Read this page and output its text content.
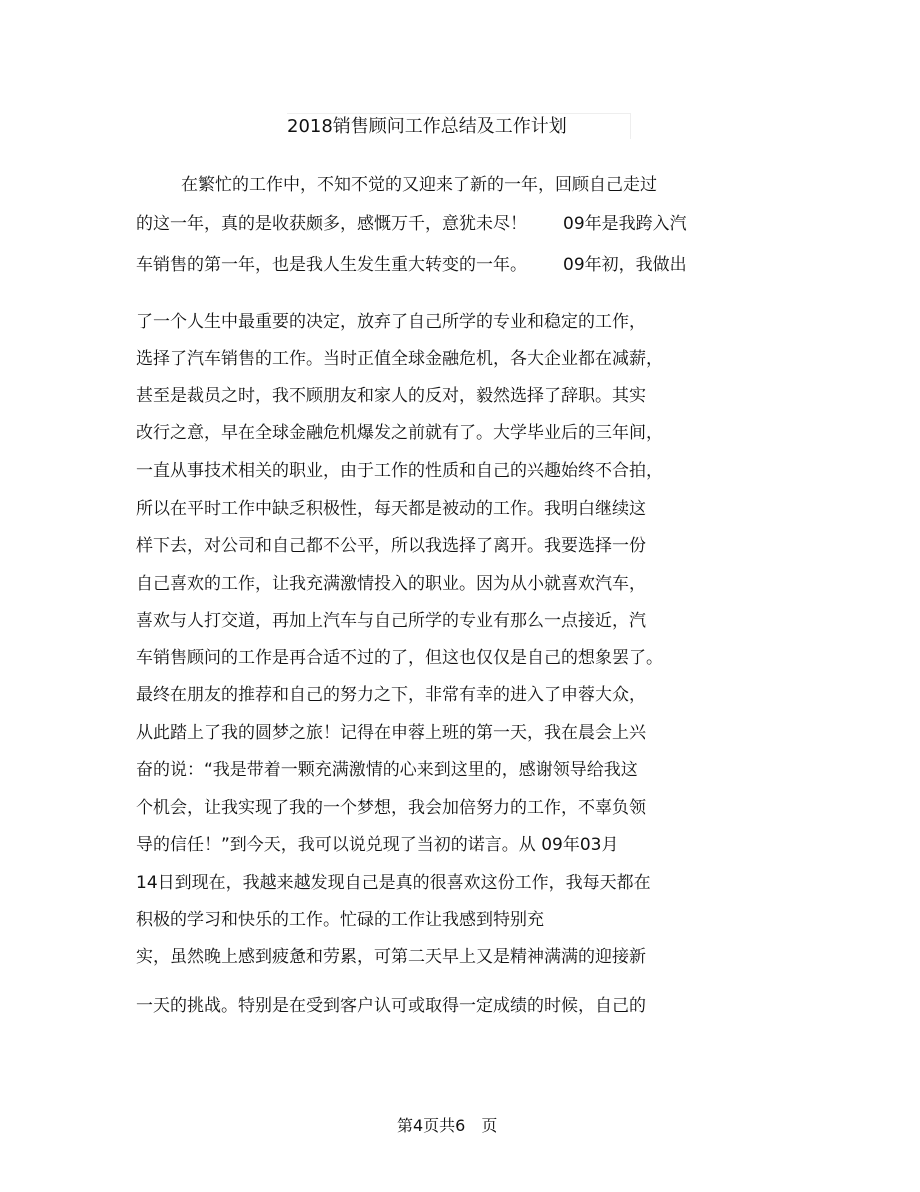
2018销售顾问工作总结及工作计划
在繁忙的工作中，不知不觉的又迎来了新的一年，回顾自己走过
的这一年，真的是收获颇多，感慨万千，意犹未尽！ 09年是我跨入汽
车销售的第一年，也是我人生发生重大转变的一年。 09年初，我做出
了一个人生中最重要的决定，放弃了自己所学的专业和稳定的工作，
选择了汽车销售的工作。当时正值全球金融危机，各大企业都在减薪，
甚至是裁员之时，我不顾朋友和家人的反对，毅然选择了辞职。其实
改行之意，早在全球金融危机爆发之前就有了。大学毕业后的三年间，
一直从事技术相关的职业，由于工作的性质和自己的兴趣始终不合拍，
所以在平时工作中缺乏积极性，每天都是被动的工作。我明白继续这
样下去，对公司和自己都不公平，所以我选择了离开。我要选择一份
自己喜欢的工作，让我充满激情投入的职业。因为从小就喜欢汽车，
喜欢与人打交道，再加上汽车与自己所学的专业有那么一点接近，汽
车销售顾问的工作是再合适不过的了，但这也仅仅是自己的想象罢了。
最终在朋友的推荐和自己的努力之下，非常有幸的进入了申蓉大众，
从此踏上了我的圆梦之旅！记得在申蓉上班的第一天，我在晨会上兴
奋的说：“我是带着一颗充满激情的心来到这里的，感谢领导给我这
个机会，让我实现了我的一个梦想，我会加倍努力的工作，不辜负领
导的信任！”到今天，我可以说兑现了当初的诺言。从 09年03月
14日到现在，我越来越发现自己是真的很喜欢这份工作，我每天都在
积极的学习和快乐的工作。忙碌的工作让我感到特别充
实，虽然晚上感到疲惫和劳累，可第二天早上又是精神满满的迎接新
一天的挑战。特别是在受到客户认可或取得一定成绩的时候，自己的
第4页共6　页
